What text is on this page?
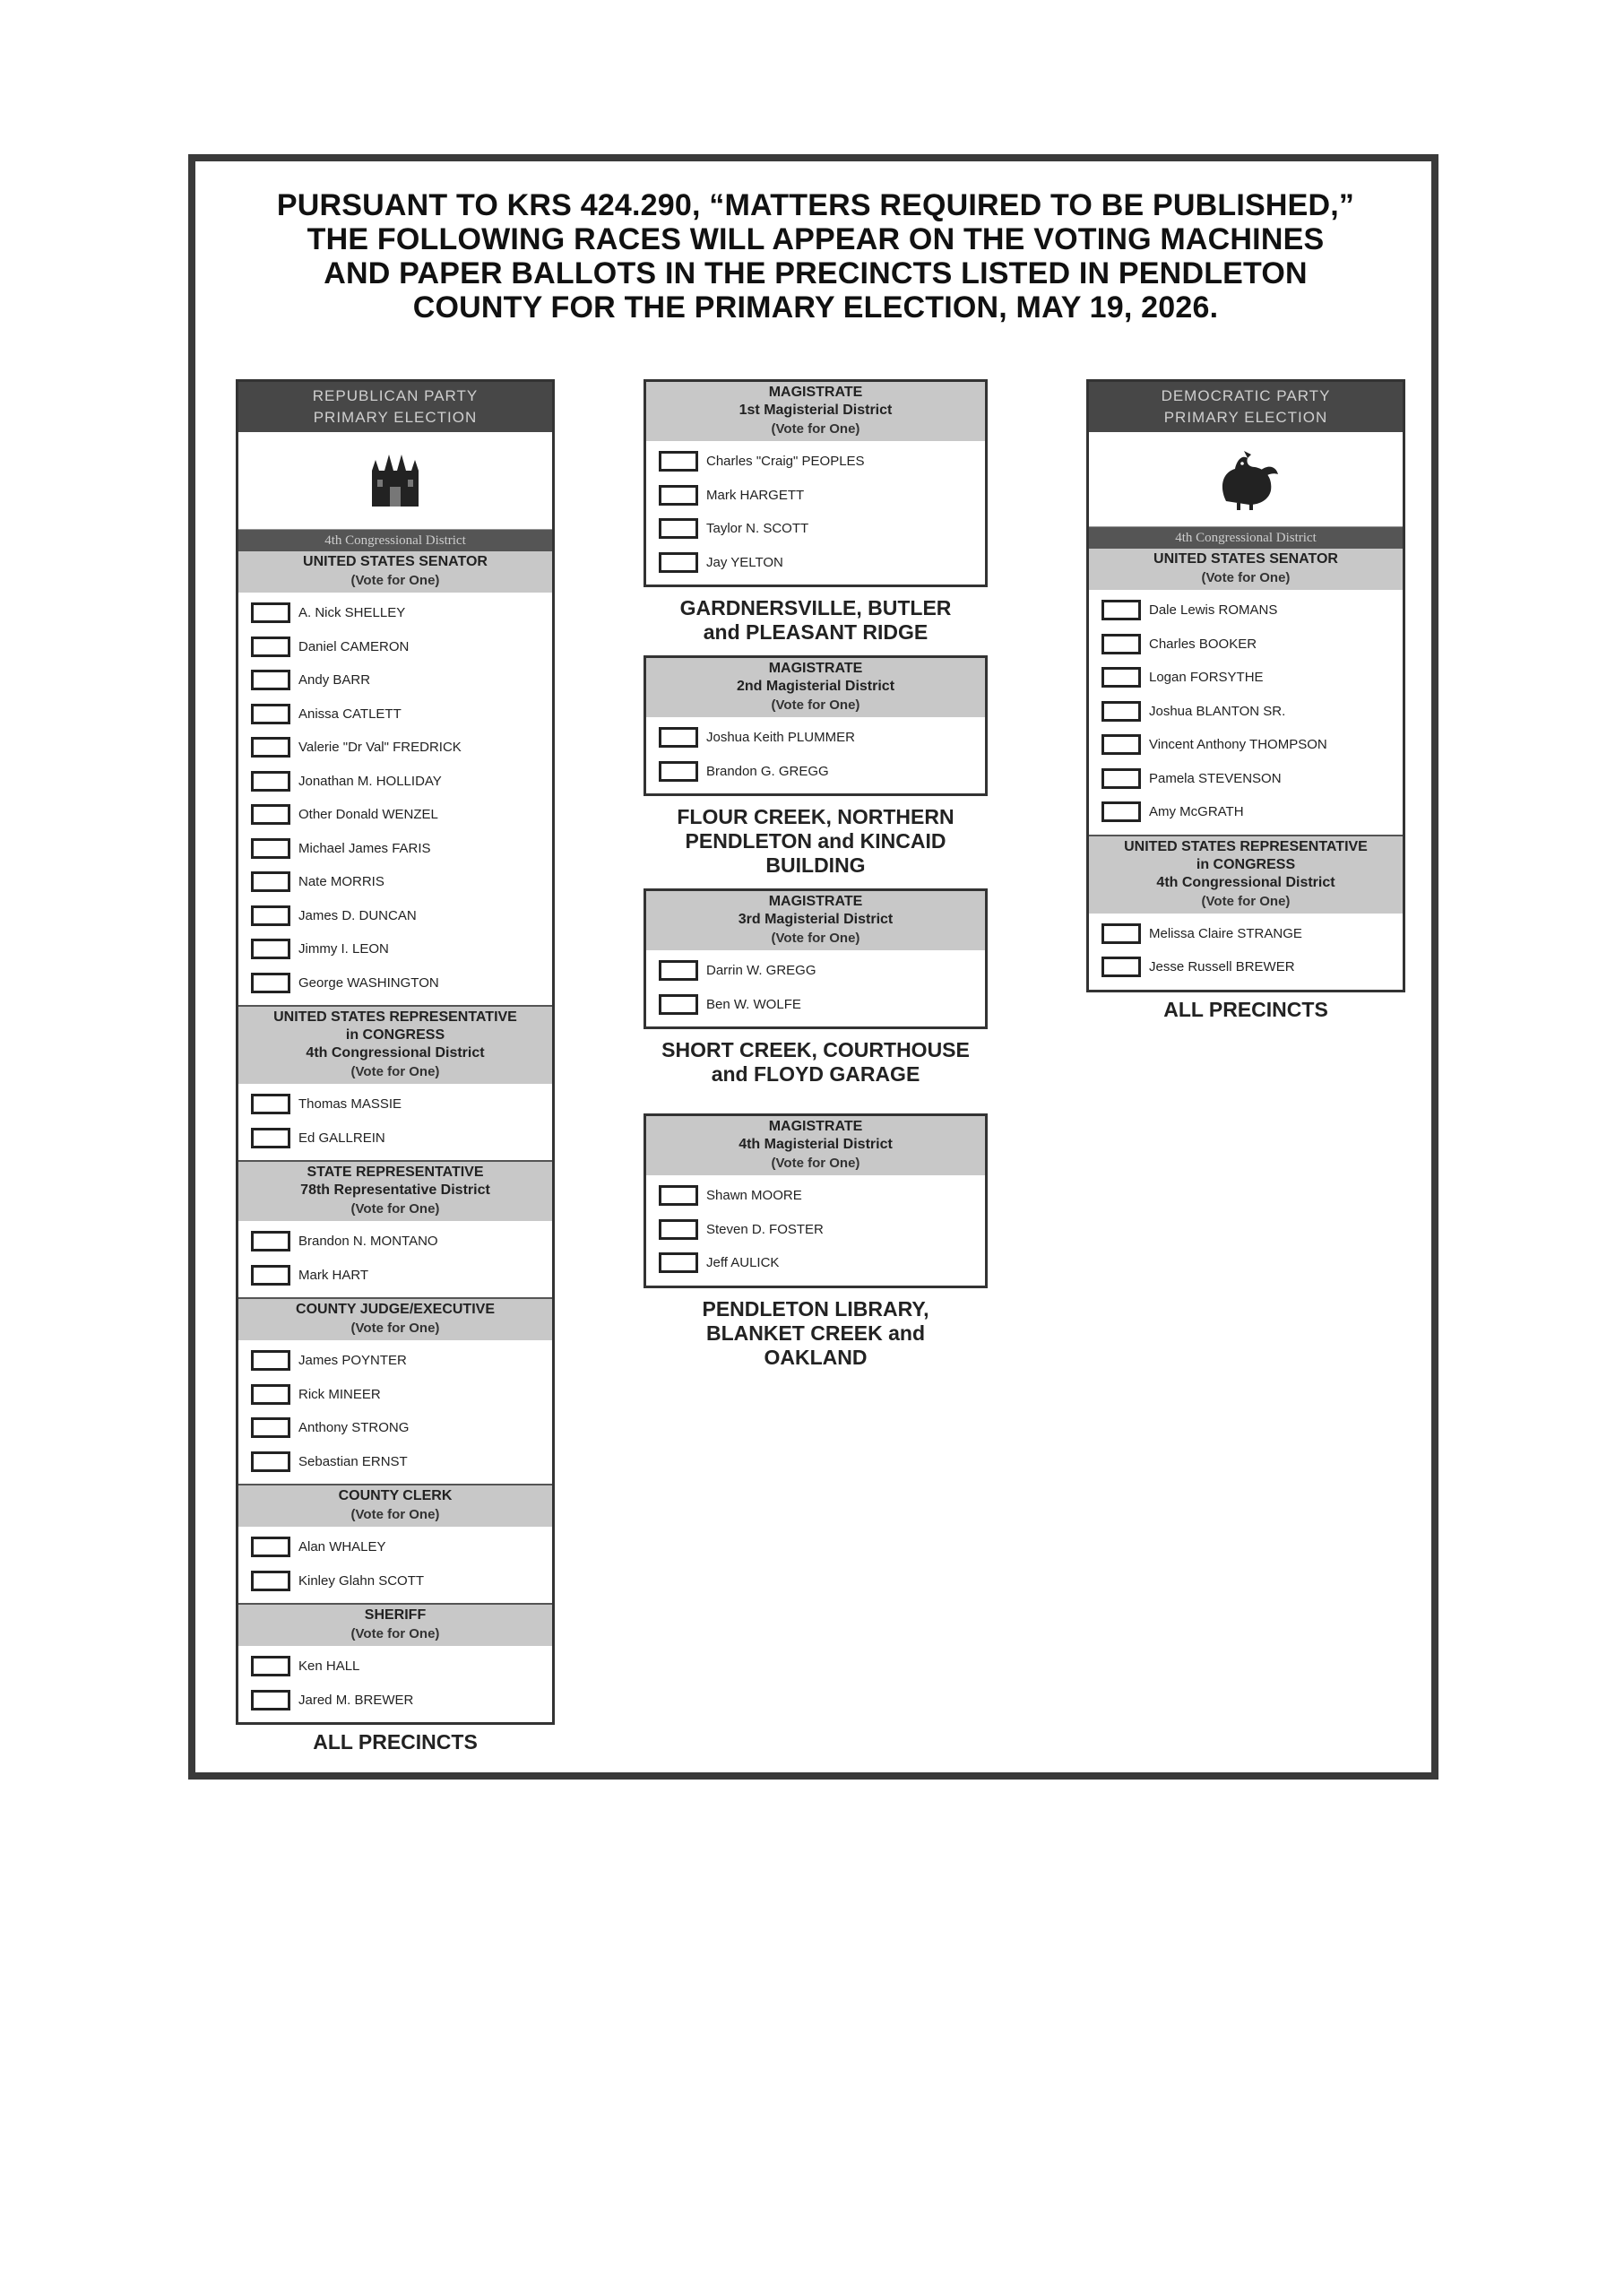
PURSUANT TO KRS 424.290, “MATTERS REQUIRED TO BE PUBLISHED,”
THE FOLLOWING RACES WILL APPEAR ON THE VOTING MACHINES
AND PAPER BALLOTS IN THE PRECINCTS LISTED IN PENDLETON
COUNTY FOR THE PRIMARY ELECTION, MAY 19, 2026.
REPUBLICAN PARTY
PRIMARY ELECTION
4th Congressional District
UNITED STATES SENATOR
(Vote for One)
A. Nick SHELLEY
Daniel CAMERON
Andy BARR
Anissa CATLETT
Valerie "Dr Val" FREDRICK
Jonathan M. HOLLIDAY
Other Donald WENZEL
Michael James FARIS
Nate MORRIS
James D. DUNCAN
Jimmy I. LEON
George WASHINGTON
UNITED STATES REPRESENTATIVE
in CONGRESS
4th Congressional District
(Vote for One)
Thomas MASSIE
Ed GALLREIN
STATE REPRESENTATIVE
78th Representative District
(Vote for One)
Brandon N. MONTANO
Mark HART
COUNTY JUDGE/EXECUTIVE
(Vote for One)
James POYNTER
Rick MINEER
Anthony STRONG
Sebastian ERNST
COUNTY CLERK
(Vote for One)
Alan WHALEY
Kinley Glahn SCOTT
SHERIFF
(Vote for One)
Ken HALL
Jared M. BREWER
ALL PRECINCTS
MAGISTRATE
1st Magisterial District
(Vote for One)
Charles "Craig" PEOPLES
Mark HARGETT
Taylor N. SCOTT
Jay YELTON
GARDNERSVILLE, BUTLER
and PLEASANT RIDGE
MAGISTRATE
2nd Magisterial District
(Vote for One)
Joshua Keith PLUMMER
Brandon G. GREGG
FLOUR CREEK, NORTHERN
PENDLETON and KINCAID
BUILDING
MAGISTRATE
3rd Magisterial District
(Vote for One)
Darrin W. GREGG
Ben W. WOLFE
SHORT CREEK, COURTHOUSE
and FLOYD GARAGE
MAGISTRATE
4th Magisterial District
(Vote for One)
Shawn MOORE
Steven D. FOSTER
Jeff AULICK
PENDLETON LIBRARY,
BLANKET CREEK and
OAKLAND
DEMOCRATIC PARTY
PRIMARY ELECTION
4th Congressional District
UNITED STATES SENATOR
(Vote for One)
Dale Lewis ROMANS
Charles BOOKER
Logan FORSYTHE
Joshua BLANTON SR.
Vincent Anthony THOMPSON
Pamela STEVENSON
Amy McGRATH
UNITED STATES REPRESENTATIVE
in CONGRESS
4th Congressional District
(Vote for One)
Melissa Claire STRANGE
Jesse Russell BREWER
ALL PRECINCTS
